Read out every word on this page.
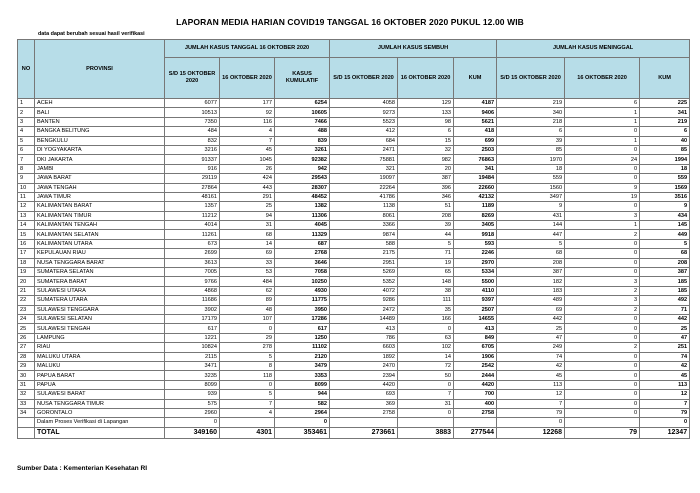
LAPORAN MEDIA HARIAN COVID19 TANGGAL 16 OKTOBER 2020 PUKUL 12.00 WIB
data dapat berubah sesuai hasil verifikasi
NO	PROVINSI	JUMLAH KASUS TANGGAL 16 OKTOBER 2020			JUMLAH KASUS SEMBUH			JUMLAH KASUS MENINGGAL		
		S/D 15 OKTOBER 2020	16 OKTOBER 2020	KASUS KUMULATIF	S/D 15 OKTOBER 2020	16 OKTOBER 2020	KUM	S/D 15 OKTOBER 2020	16 OKTOBER 2020	KUM
1	ACEH	6077	177	6254	4058	129	4187	219	6	225
2	BALI	10513	92	10605	9273	133	9406	340	1	341
3	BANTEN	7350	116	7466	5523	98	5621	218	1	219
4	BANGKA BELITUNG	484	4	488	412	6	418	6	0	6
5	BENGKULU	832	7	839	684	15	699	39	1	40
6	DI YOGYAKARTA	3216	45	3261	2471	32	2503	85	0	85
7	DKI JAKARTA	91337	1045	92382	75881	982	76863	1970	24	1994
8	JAMBI	916	26	942	321	20	341	18	0	18
9	JAWA BARAT	29119	424	29543	19097	387	19484	559	0	559
10	JAWA TENGAH	27864	443	28307	22264	396	22660	1560	9	1569
11	JAWA TIMUR	48161	291	48452	41786	346	42132	3497	19	3516
12	KALIMANTAN BARAT	1357	25	1382	1138	51	1189	9	0	9
13	KALIMANTAN TIMUR	11212	94	11306	8061	208	8269	431	3	434
14	KALIMANTAN TENGAH	4014	31	4045	3366	39	3405	144	1	145
15	KALIMANTAN SELATAN	11261	68	11329	9874	44	9918	447	2	449
16	KALIMANTAN UTARA	673	14	687	588	5	593	5	0	5
17	KEPULAUAN RIAU	2699	69	2768	2175	71	2246	68	0	68
18	NUSA TENGGARA BARAT	3613	33	3646	2951	19	2970	208	0	208
19	SUMATERA SELATAN	7005	53	7058	5269	65	5334	387	0	387
20	SUMATERA BARAT	9766	484	10250	5352	148	5500	182	3	185
21	SULAWESI UTARA	4868	62	4930	4072	38	4110	183	2	185
22	SUMATERA UTARA	11686	89	11775	9286	111	9397	489	3	492
23	SULAWESI TENGGARA	3902	48	3950	2472	35	2507	69	2	71
24	SULAWESI SELATAN	17179	107	17286	14489	166	14655	442	0	442
25	SULAWESI TENGAH	617	0	617	413	0	413	25	0	25
26	LAMPUNG	1221	29	1250	786	63	849	47	0	47
27	RIAU	10824	278	11102	6603	102	6705	249	2	251
28	MALUKU UTARA	2115	5	2120	1892	14	1906	74	0	74
29	MALUKU	3471	8	3479	2470	72	2542	42	0	42
30	PAPUA BARAT	3235	118	3353	2394	50	2444	45	0	45
31	PAPUA	8099	0	8099	4420	0	4420	113	0	113
32	SULAWESI BARAT	939	5	944	693	7	700	12	0	12
33	NUSA TENGGARA TIMUR	575	7	582	369	31	400	7	0	7
34	GORONTALO	2960	4	2964	2758	0	2758	79	0	79
	Dalam Proses Verifikasi di Lapangan	0		0				0		0
	TOTAL	349160	4301	353461	273661	3883	277544	12268	79	12347
Sumber Data : Kementerian Kesehatan RI
